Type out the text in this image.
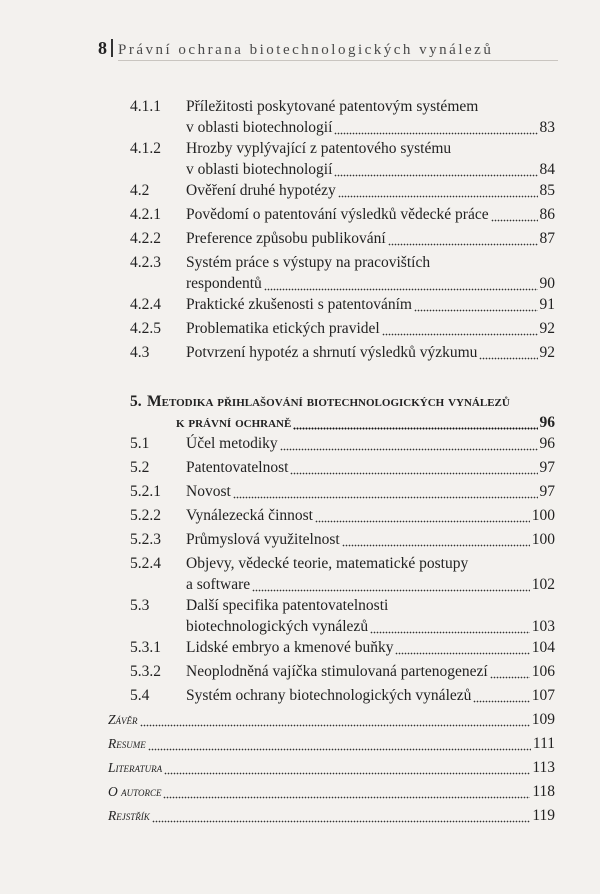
8 Právní ochrana biotechnologických vynálezů
4.1.1 Příležitosti poskytované patentovým systémem
v oblasti biotechnologií	83
4.1.2 Hrozby vyplývající z patentového systému
v oblasti biotechnologií	84
4.2 Ověření druhé hypotézy	85
4.2.1 Povědomí o patentování výsledků vědecké práce	86
4.2.2 Preference způsobu publikování	87
4.2.3 Systém práce s výstupy na pracovištích
respondentů	90
4.2.4 Praktické zkušenosti s patentováním	91
4.2.5 Problematika etických pravidel	92
4.3 Potvrzení hypotéz a shrnutí výsledků výzkumu	92
5. Metodika přihlašování biotechnologických vynálezů
k právní ochraně	96
5.1 Účel metodiky	96
5.2 Patentovatelnost	97
5.2.1 Novost	97
5.2.2 Vynálezecká činnost	100
5.2.3 Průmyslová využitelnost	100
5.2.4 Objevy, vědecké teorie, matematické postupy
a software	102
5.3 Další specifika patentovatelnosti
biotechnologických vynálezů	103
5.3.1 Lidské embryo a kmenové buňky	104
5.3.2 Neoplodněná vajíčka stimulovaná partenogenezí	106
5.4 Systém ochrany biotechnologických vynálezů	107
Závěr	109
Resume	111
Literatura	113
O autorce	118
Rejstřík	119
